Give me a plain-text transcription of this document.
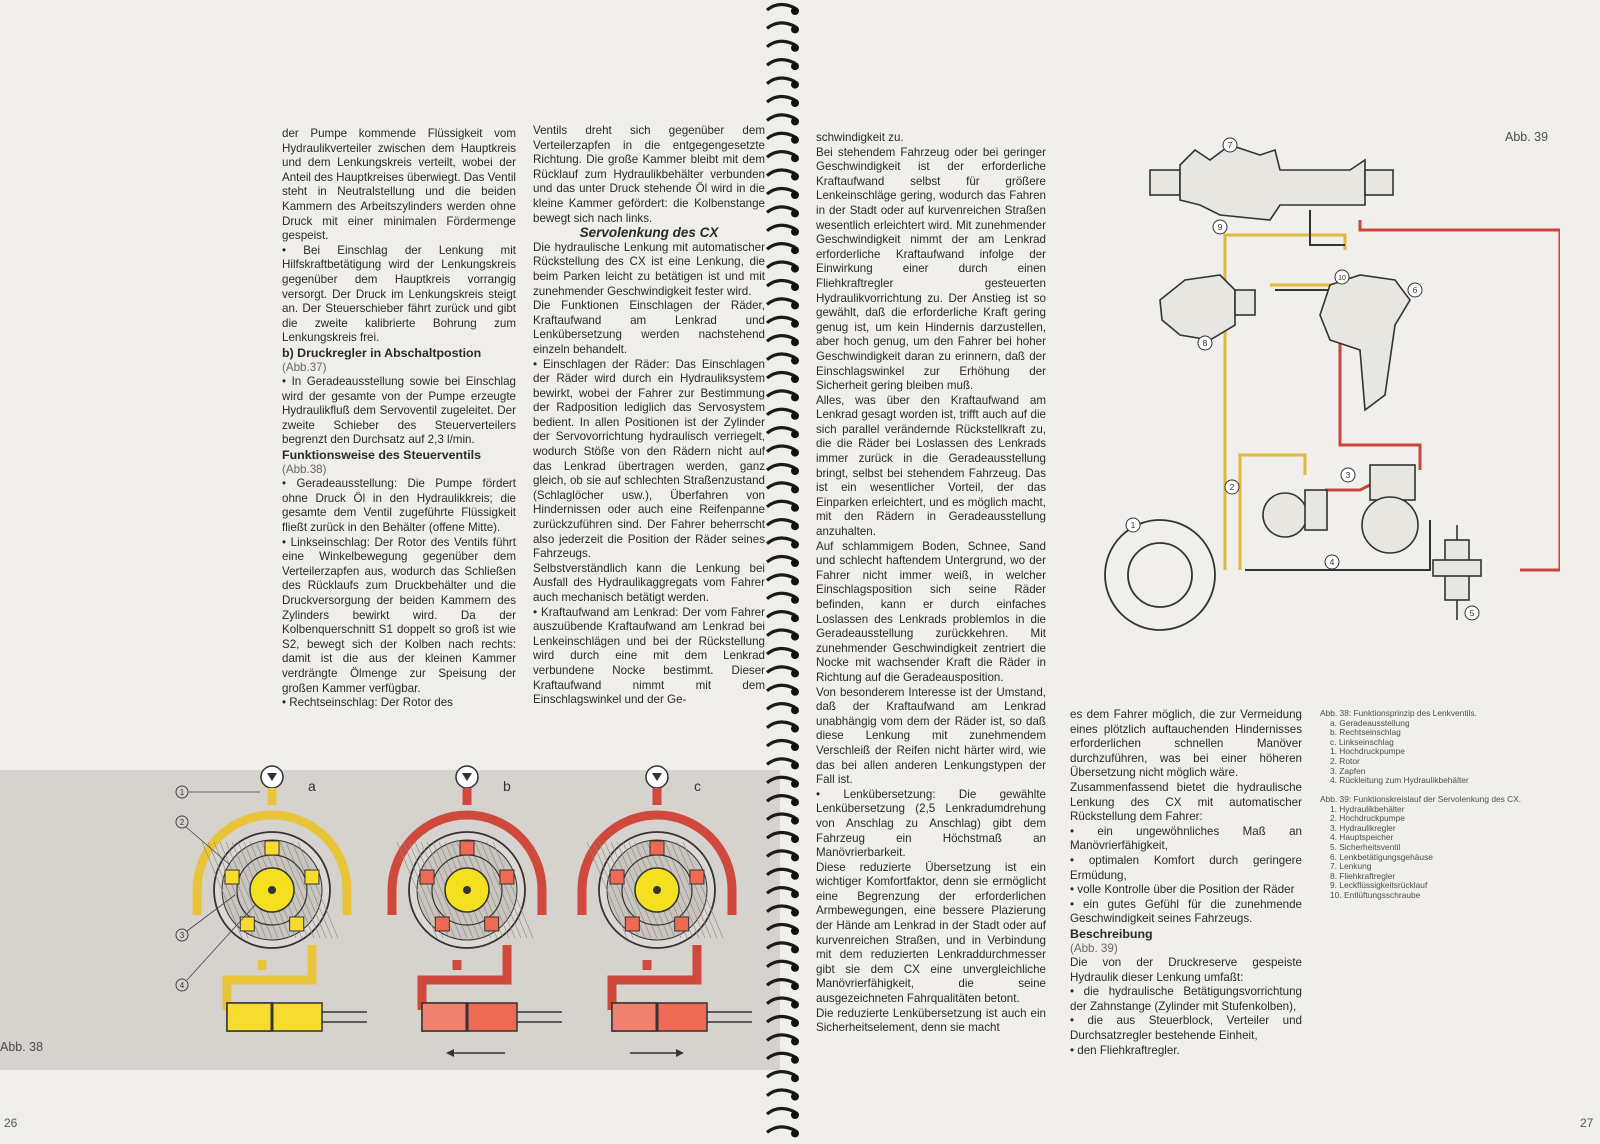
der Pumpe kommende Flüssigkeit vom Hydraulikverteiler zwischen dem Hauptkreis und dem Lenkungskreis verteilt, wobei der Anteil des Hauptkreises überwiegt. Das Ventil steht in Neutralstellung und die beiden Kammern des Arbeitszylinders werden ohne Druck mit einer minimalen Fördermenge gespeist.

• Bei Einschlag der Lenkung mit Hilfskraftbetätigung wird der Lenkungskreis gegenüber dem Hauptkreis vorrangig versorgt. Der Druck im Lenkungskreis steigt an. Der Steuerschieber fährt zurück und gibt die zweite kalibrierte Bohrung zum Lenkungskreis frei.

b) Druckregler in Abschaltpostion

(Abb.37)

• In Geradeausstellung sowie bei Einschlag wird der gesamte von der Pumpe erzeugte Hydraulikfluß dem Servoventil zugeleitet. Der zweite Schieber des Steuerverteilers begrenzt den Durchsatz auf 2,3 l/min.

Funktionsweise des Steuerventils

(Abb.38)

• Geradeausstellung: Die Pumpe fördert ohne Druck Öl in den Hydraulikkreis; die gesamte dem Ventil zugeführte Flüssigkeit fließt zurück in den Behälter (offene Mitte).

• Linkseinschlag: Der Rotor des Ventils führt eine Winkelbewegung gegenüber dem Verteilerzapfen aus, wodurch das Schließen des Rücklaufs zum Druckbehälter und die Druckversorgung der beiden Kammern des Zylinders bewirkt wird. Da der Kolbenquerschnitt S1 doppelt so groß ist wie S2, bewegt sich der Kolben nach rechts: damit ist die aus der kleinen Kammer verdrängte Ölmenge zur Speisung der großen Kammer verfügbar.

• Rechtseinschlag: Der Rotor des

Ventils dreht sich gegenüber dem Verteilerzapfen in die entgegengesetzte Richtung. Die große Kammer bleibt mit dem Rücklauf zum Hydraulikbehälter verbunden und das unter Druck stehende Öl wird in die kleine Kammer gefördert: die Kolbenstange bewegt sich nach links.

Servolenkung des CX

Die hydraulische Lenkung mit automatischer Rückstellung des CX ist eine Lenkung, die beim Parken leicht zu betätigen ist und mit zunehmender Geschwindigkeit fester wird.

Die Funktionen Einschlagen der Räder, Kraftaufwand am Lenkrad und Lenkübersetzung werden nachstehend einzeln behandelt.

• Einschlagen der Räder: Das Einschlagen der Räder wird durch ein Hydrauliksystem bewirkt, wobei der Fahrer zur Bestimmung der Radposition lediglich das Servosystem bedient. In allen Positionen ist der Zylinder der Servovorrichtung hydraulisch verriegelt, wodurch Stöße von den Rädern nicht auf das Lenkrad übertragen werden, ganz gleich, ob sie auf schlechten Straßenzustand (Schlaglöcher usw.), Überfahren von Hindernissen oder auch eine Reifenpanne zurückzuführen sind. Der Fahrer beherrscht also jederzeit die Position der Räder seines Fahrzeugs.

Selbstverständlich kann die Lenkung bei Ausfall des Hydraulikaggregats vom Fahrer auch mechanisch betätigt werden.

• Kraftaufwand am Lenkrad: Der vom Fahrer auszuübende Kraftaufwand am Lenkrad bei Lenkeinschlägen und bei der Rückstellung wird durch eine mit dem Lenkrad verbundene Nocke bestimmt. Dieser Kraftaufwand nimmt mit dem Einschlagswinkel und der Ge-

a	b	c
1
2
3
4
Abb. 38
26

schwindigkeit zu.

Bei stehendem Fahrzeug oder bei geringer Geschwindigkeit ist der erforderliche Kraftaufwand selbst für größere Lenkeinschläge gering, wodurch das Fahren in der Stadt oder auf kurvenreichen Straßen wesentlich erleichtert wird. Mit zunehmender Geschwindigkeit nimmt der am Lenkrad erforderliche Kraftaufwand infolge der Einwirkung einer durch einen Fliehkraftregler gesteuerten Hydraulikvorrichtung zu. Der Anstieg ist so gewählt, daß die erforderliche Kraft gering genug ist, um kein Hindernis darzustellen, aber hoch genug, um den Fahrer bei hoher Geschwindigkeit daran zu erinnern, daß der Einschlagswinkel zur Erhöhung der Sicherheit gering bleiben muß.

Alles, was über den Kraftaufwand am Lenkrad gesagt worden ist, trifft auch auf die sich parallel verändernde Rückstellkraft zu, die die Räder bei Loslassen des Lenkrads immer zurück in die Geradeausstellung bringt, selbst bei stehendem Fahrzeug. Das ist ein wesentlicher Vorteil, der das Einparken erleichtert, und es möglich macht, mit den Rädern in Geradeausstellung anzuhalten.

Auf schlammigem Boden, Schnee, Sand und schlecht haftendem Untergrund, wo der Fahrer nicht immer weiß, in welcher Einschlagsposition sich seine Räder befinden, kann er durch einfaches Loslassen des Lenkrads problemlos in die Geradeausstellung zurückkehren. Mit zunehmender Geschwindigkeit zentriert die Nocke mit wachsender Kraft die Räder in Richtung auf die Geradeausposition.

Von besonderem Interesse ist der Umstand, daß der Kraftaufwand am Lenkrad unabhängig vom dem der Räder ist, so daß diese Lenkung mit zunehmendem Verschleiß der Reifen nicht härter wird, wie das bei allen anderen Lenkungstypen der Fall ist.

• Lenkübersetzung: Die gewählte Lenkübersetzung (2,5 Lenkradumdrehung von Anschlag zu Anschlag) gibt dem Fahrzeug ein Höchstmaß an Manövrierbarkeit.

Diese reduzierte Übersetzung ist ein wichtiger Komfortfaktor, denn sie ermöglicht eine Begrenzung der erforderlichen Armbewegungen, eine bessere Plazierung der Hände am Lenkrad in der Stadt oder auf kurvenreichen Straßen, und in Verbindung mit dem reduzierten Lenkraddurchmesser gibt sie dem CX eine unvergleichliche Manövrierfähigkeit, die seine ausgezeichneten Fahrqualitäten betont.

Die reduzierte Lenkübersetzung ist auch ein Sicherheitselement, denn sie macht

es dem Fahrer möglich, die zur Vermeidung eines plötzlich auftauchenden Hindernisses erforderlichen schnellen Manöver durchzuführen, was bei einer höheren Übersetzung nicht möglich wäre.

Zusammenfassend bietet die hydraulische Lenkung des CX mit automatischer Rückstellung dem Fahrer:

• ein ungewöhnliches Maß an Manövrierfähigkeit,

• optimalen Komfort durch geringere Ermüdung,

• volle Kontrolle über die Position der Räder

• ein gutes Gefühl für die zunehmende Geschwindigkeit seines Fahrzeugs.

Beschreibung

(Abb. 39)

Die von der Druckreserve gespeiste Hydraulik dieser Lenkung umfaßt:

• die hydraulische Betätigungsvorrichtung der Zahnstange (Zylinder mit Stufenkolben),

• die aus Steuerblock, Verteiler und Durchsatzregler bestehende Einheit,

• den Fliehkraftregler.

Abb. 39
1
2
3
4
5
6
7
8
9
10
Abb. 38: Funktionsprinzip des Lenkventils.
a. Geradeausstellung
b. Rechtseinschlag
c. Linkseinschlag
1. Hochdruckpumpe
2. Rotor
3. Zapfen
4. Rückleitung zum Hydraulikbehälter
Abb. 39: Funktionskreislauf der Servolenkung des CX.
1. Hydraulikbehälter
2. Hochdruckpumpe
3. Hydraulikregler
4. Hauptspeicher
5. Sicherheitsventil
6. Lenkbetätigungsgehäuse
7. Lenkung
8. Fliehkraftregler
9. Leckflüssigkeitsrücklauf
10. Entlüftungsschraube
27
